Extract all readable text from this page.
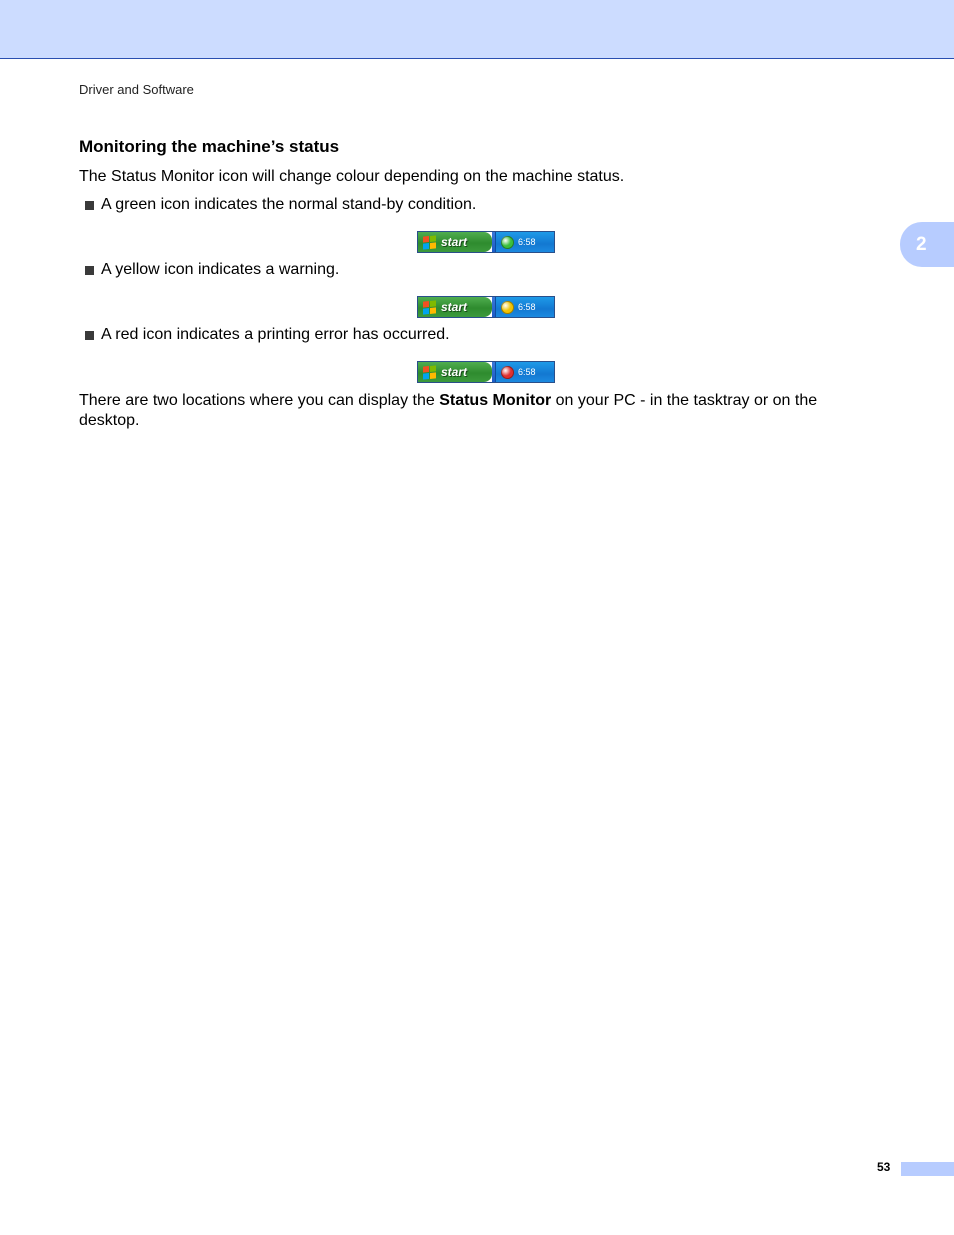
Driver and Software
Monitoring the machine’s status

The Status Monitor icon will change colour depending on the machine status.

A green icon indicates the normal stand-by condition.
start	6:58
A yellow icon indicates a warning.
start	6:58
A red icon indicates a printing error has occurred.
start	6:58

There are two locations where you can display the Status Monitor on your PC - in the tasktray or on the desktop.

2
53
